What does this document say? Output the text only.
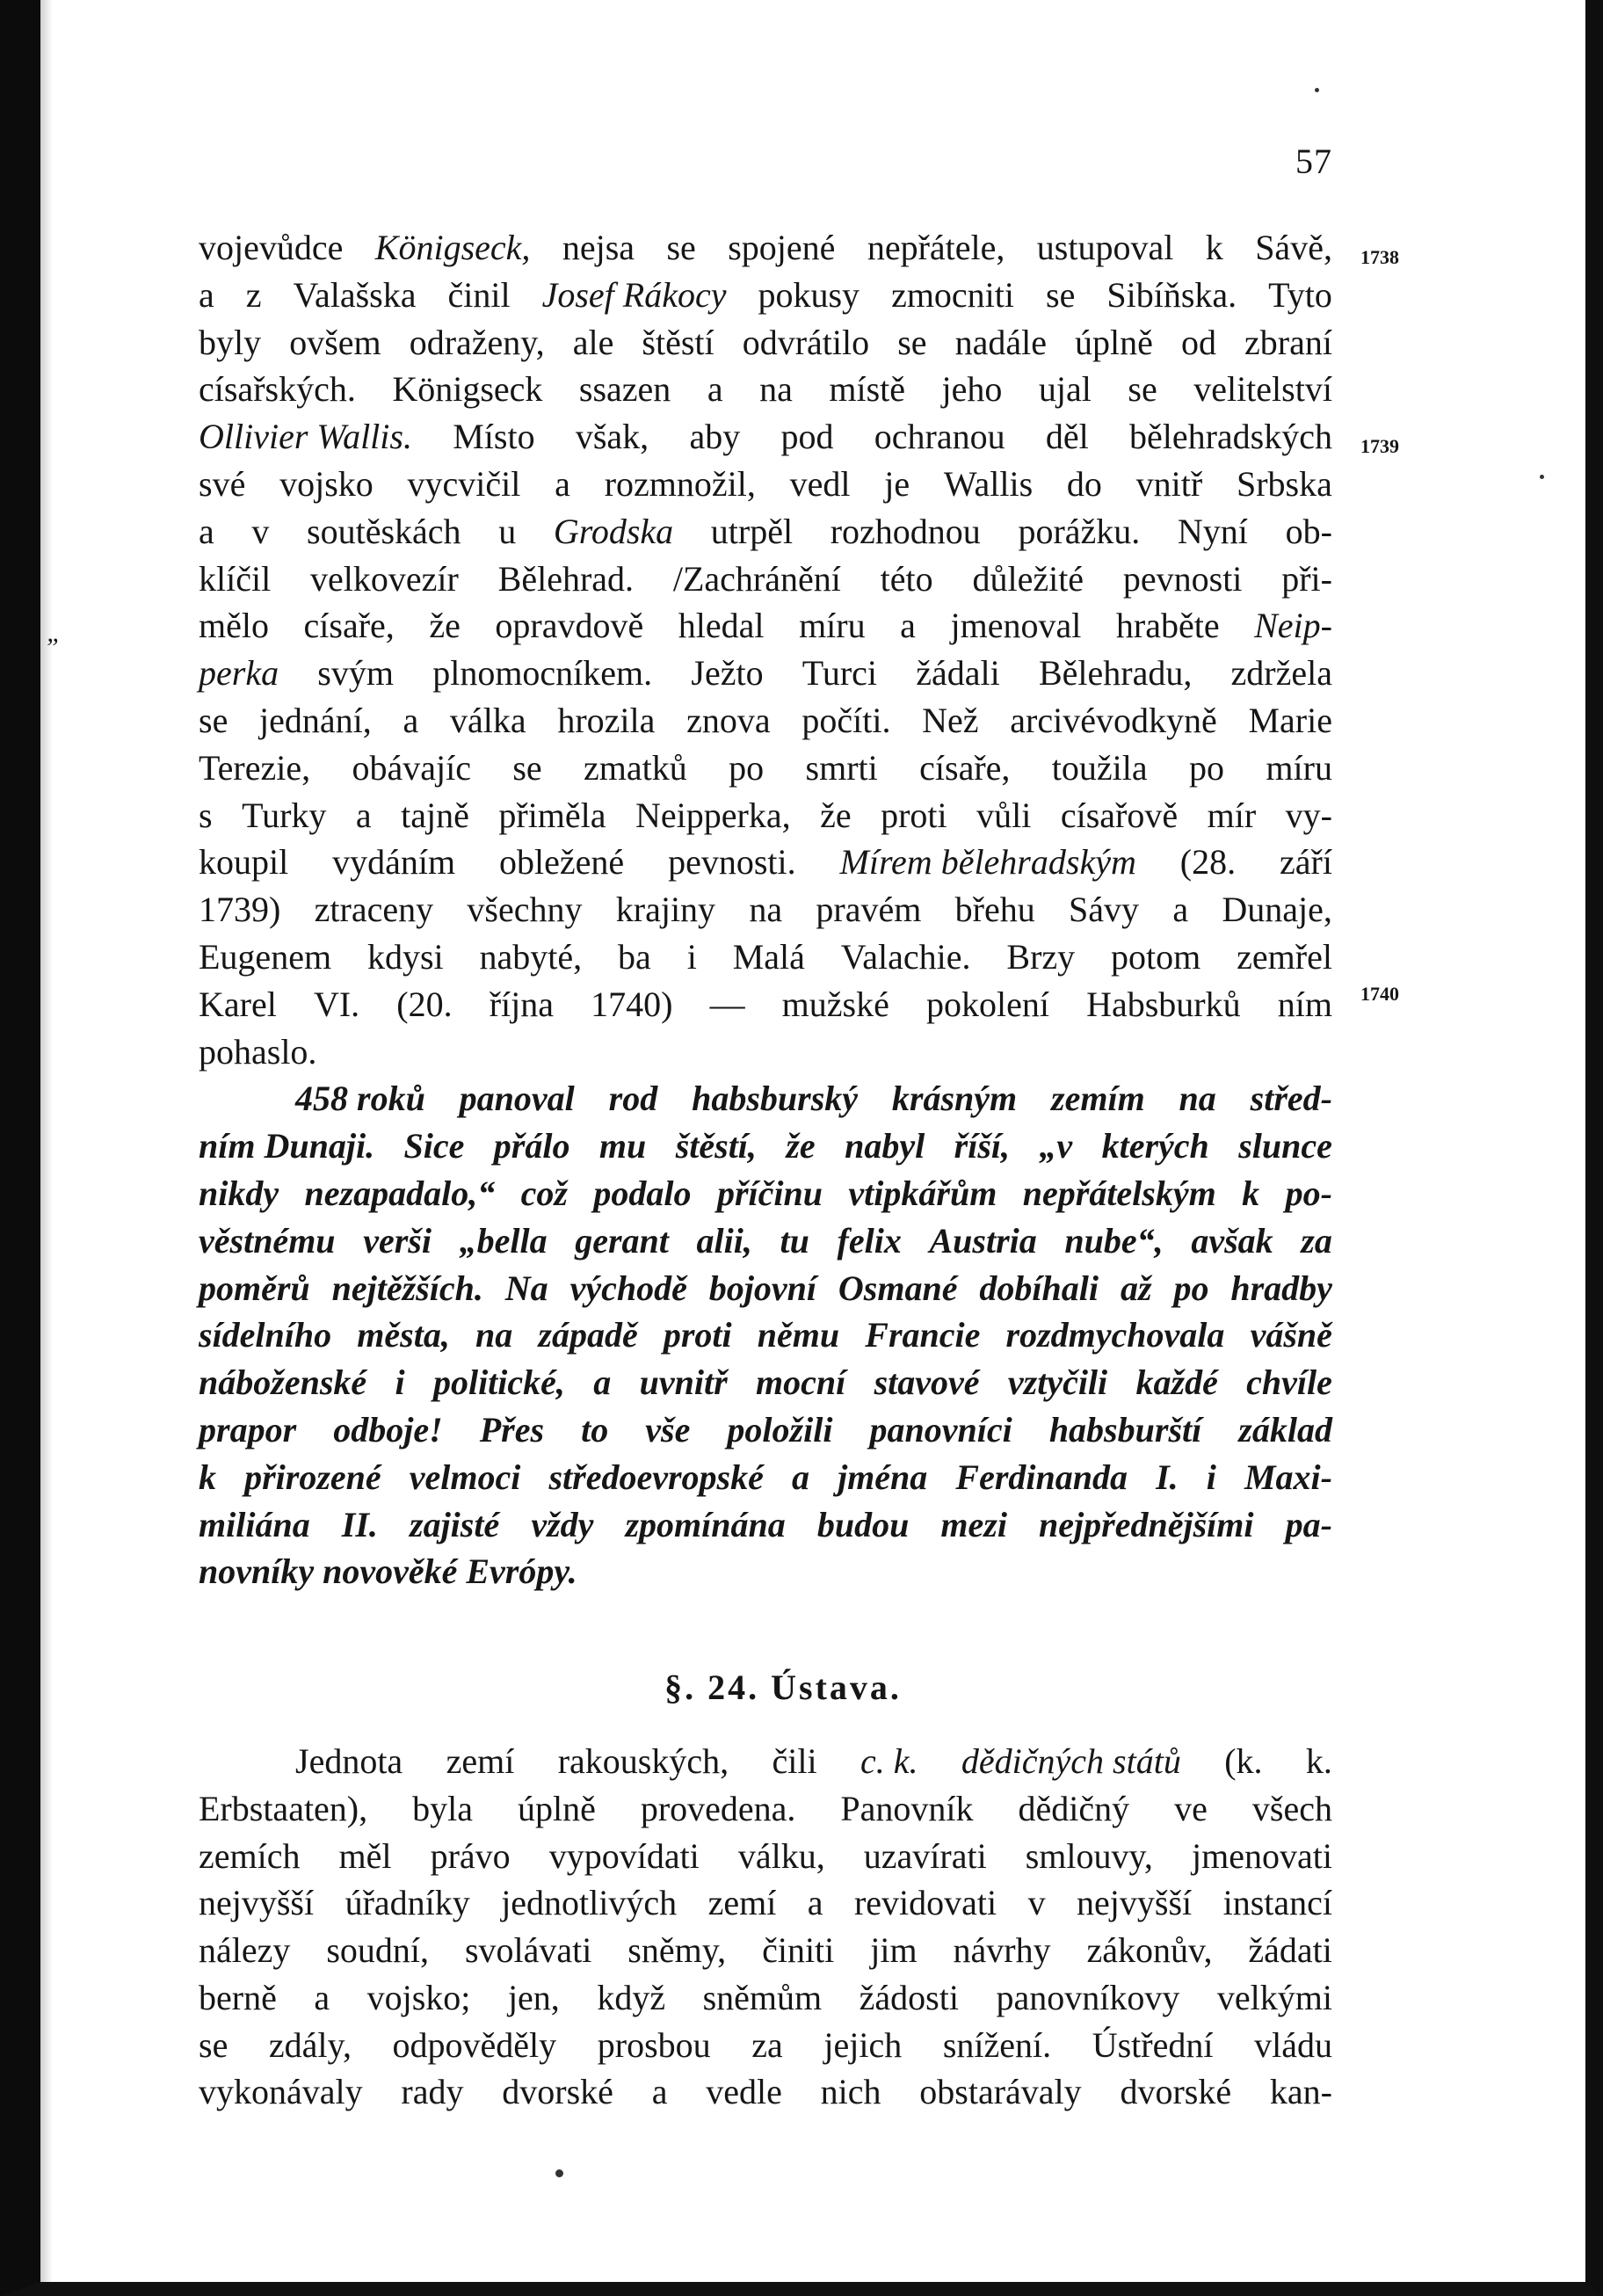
57
”
1738
1739
1740
vojevůdce Königseck, nejsa se spojené nepřátele, ustupoval k Sávě,
a z Valašska činil Josef Rákocy pokusy zmocniti se Sibíňska. Tyto
byly ovšem odraženy, ale štěstí odvrátilo se nadále úplně od zbraní
císařských. Königseck ssazen a na místě jeho ujal se velitelství
Ollivier Wallis. Místo však, aby pod ochranou děl bělehradských
své vojsko vycvičil a rozmnožil, vedl je Wallis do vnitř Srbska
a v soutěskách u Grodska utrpěl rozhodnou porážku. Nyní ob-
klíčil velkovezír Bělehrad. /Zachránění této důležité pevnosti při-
mělo císaře, že opravdově hledal míru a jmenoval hraběte Neip-
perka svým plnomocníkem. Ježto Turci žádali Bělehradu, zdržela
se jednání, a válka hrozila znova počíti. Než arcivévodkyně Marie
Terezie, obávajíc se zmatků po smrti císaře, toužila po míru
s Turky a tajně přiměla Neipperka, že proti vůli císařově mír vy-
koupil vydáním obležené pevnosti. Mírem bělehradským (28. září
1739) ztraceny všechny krajiny na pravém břehu Sávy a Dunaje,
Eugenem kdysi nabyté, ba i Malá Valachie. Brzy potom zemřel
Karel VI. (20. října 1740) — mužské pokolení Habsburků ním
pohaslo.
458 roků panoval rod habsburský krásným zemím na střed-
ním Dunaji. Sice přálo mu štěstí, že nabyl říší, „v kterých slunce
nikdy nezapadalo,“ což podalo příčinu vtipkářům nepřátelským k po-
věstnému verši „bella gerant alii, tu felix Austria nube“, avšak za
poměrů nejtěžších. Na východě bojovní Osmané dobíhali až po hradby
sídelního města, na západě proti němu Francie rozdmychovala vášně
náboženské i politické, a uvnitř mocní stavové vztyčili každé chvíle
prapor odboje! Přes to vše položili panovníci habsburští základ
k přirozené velmoci středoevropské a jména Ferdinanda I. i Maxi-
miliána II. zajisté vždy zpomínána budou mezi nejpřednějšími pa-
novníky novověké Evrópy.
§. 24. Ústava.
Jednota zemí rakouských, čili c. k. dědičných států (k. k.
Erbstaaten), byla úplně provedena. Panovník dědičný ve všech
zemích měl právo vypovídati válku, uzavírati smlouvy, jmenovati
nejvyšší úřadníky jednotlivých zemí a revidovati v nejvyšší instancí
nálezy soudní, svolávati sněmy, činiti jim návrhy zákonův, žádati
berně a vojsko; jen, když sněmům žádosti panovníkovy velkými
se zdály, odpověděly prosbou za jejich snížení. Ústřední vládu
vykonávaly rady dvorské a vedle nich obstarávaly dvorské kan-
